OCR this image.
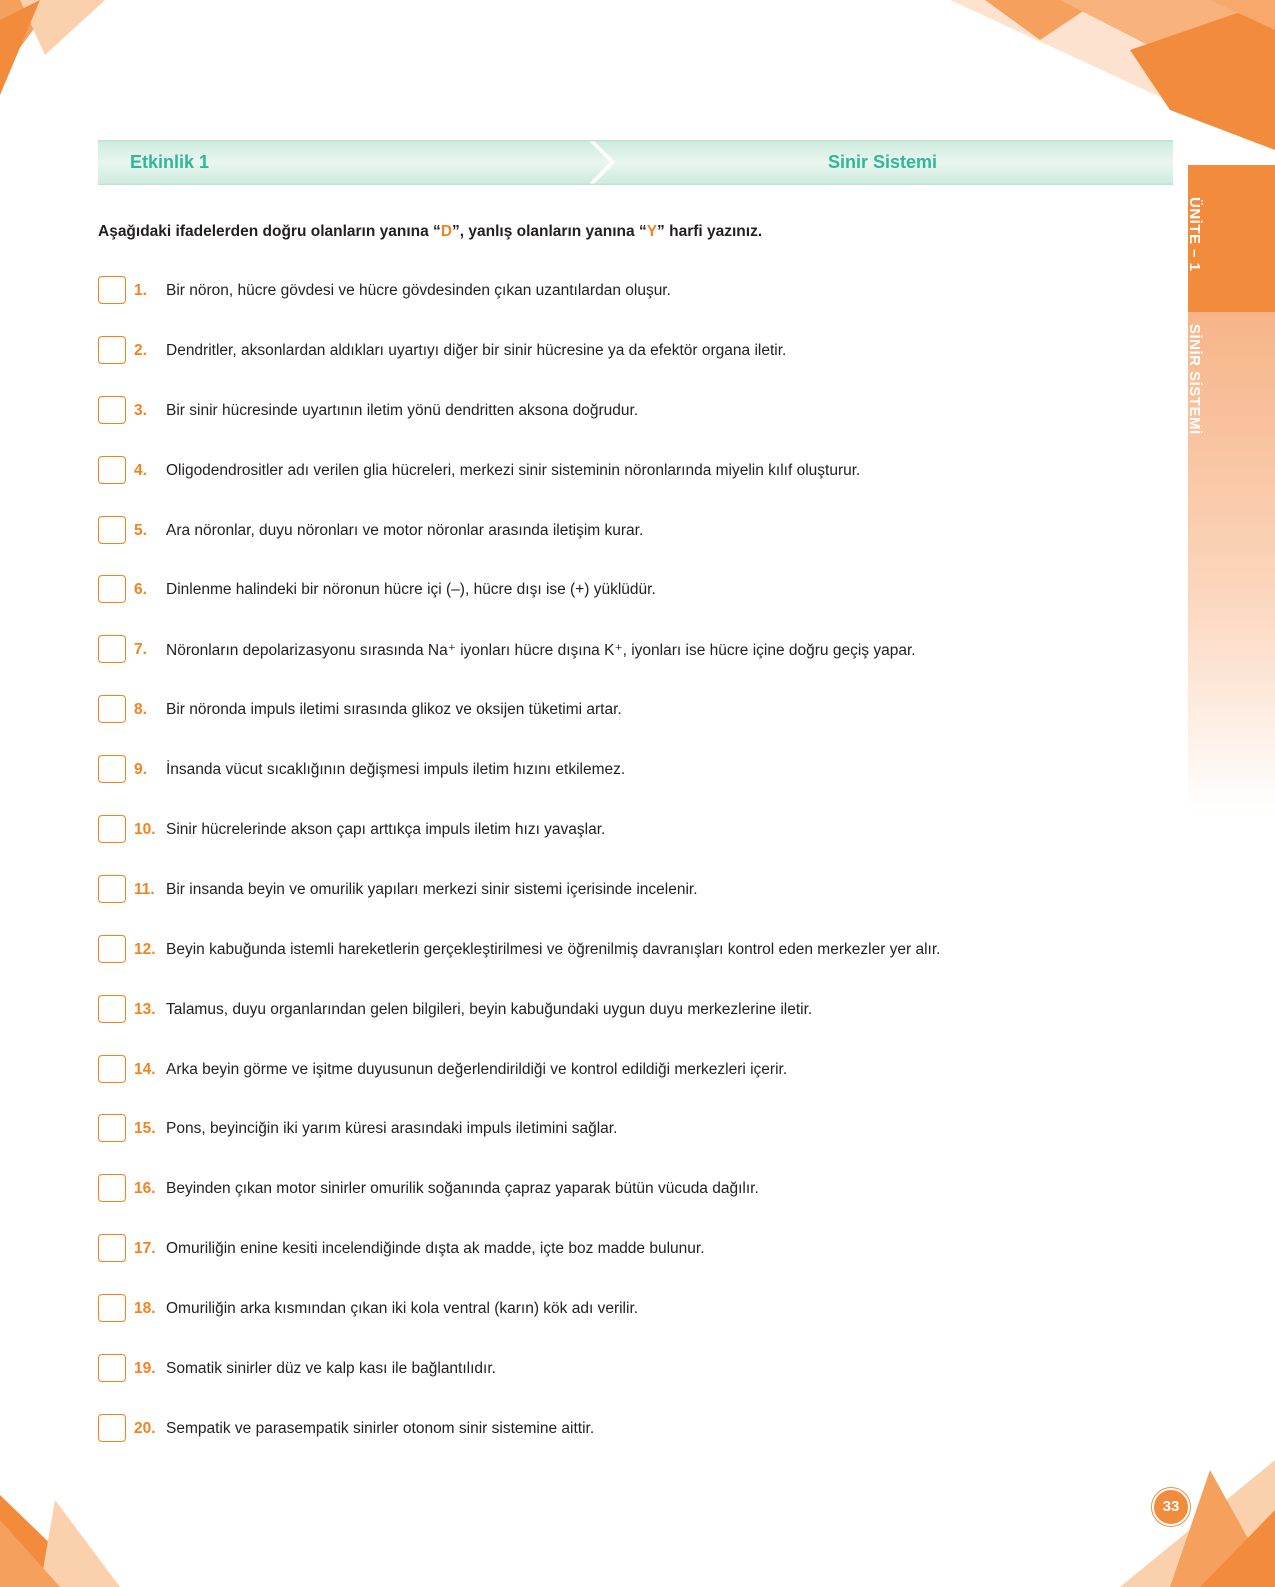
Etkinlik 1	Sinir Sistemi
ÜNİTE – 1
SİNİR SİSTEMİ
Aşağıdaki ifadelerden doğru olanların yanına “D”, yanlış olanların yanına “Y” harfi yazınız.
1. Bir nöron, hücre gövdesi ve hücre gövdesinden çıkan uzantılardan oluşur.
2. Dendritler, aksonlardan aldıkları uyartıyı diğer bir sinir hücresine ya da efektör organa iletir.
3. Bir sinir hücresinde uyartının iletim yönü dendritten aksona doğrudur.
4. Oligodendrositler adı verilen glia hücreleri, merkezi sinir sisteminin nöronlarında miyelin kılıf oluşturur.
5. Ara nöronlar, duyu nöronları ve motor nöronlar arasında iletişim kurar.
6. Dinlenme halindeki bir nöronun hücre içi (–), hücre dışı ise (+) yüklüdür.
7. Nöronların depolarizasyonu sırasında Na⁺ iyonları hücre dışına K⁺, iyonları ise hücre içine doğru geçiş yapar.
8. Bir nöronda impuls iletimi sırasında glikoz ve oksijen tüketimi artar.
9. İnsanda vücut sıcaklığının değişmesi impuls iletim hızını etkilemez.
10. Sinir hücrelerinde akson çapı arttıkça impuls iletim hızı yavaşlar.
11. Bir insanda beyin ve omurilik yapıları merkezi sinir sistemi içerisinde incelenir.
12. Beyin kabuğunda istemli hareketlerin gerçekleştirilmesi ve öğrenilmiş davranışları kontrol eden merkezler yer alır.
13. Talamus, duyu organlarından gelen bilgileri, beyin kabuğundaki uygun duyu merkezlerine iletir.
14. Arka beyin görme ve işitme duyusunun değerlendirildiği ve kontrol edildiği merkezleri içerir.
15. Pons, beyinciğin iki yarım küresi arasındaki impuls iletimini sağlar.
16. Beyinden çıkan motor sinirler omurilik soğanında çapraz yaparak bütün vücuda dağılır.
17. Omuriliğin enine kesiti incelendiğinde dışta ak madde, içte boz madde bulunur.
18. Omuriliğin arka kısmından çıkan iki kola ventral (karın) kök adı verilir.
19. Somatik sinirler düz ve kalp kası ile bağlantılıdır.
20. Sempatik ve parasempatik sinirler otonom sinir sistemine aittir.
33
